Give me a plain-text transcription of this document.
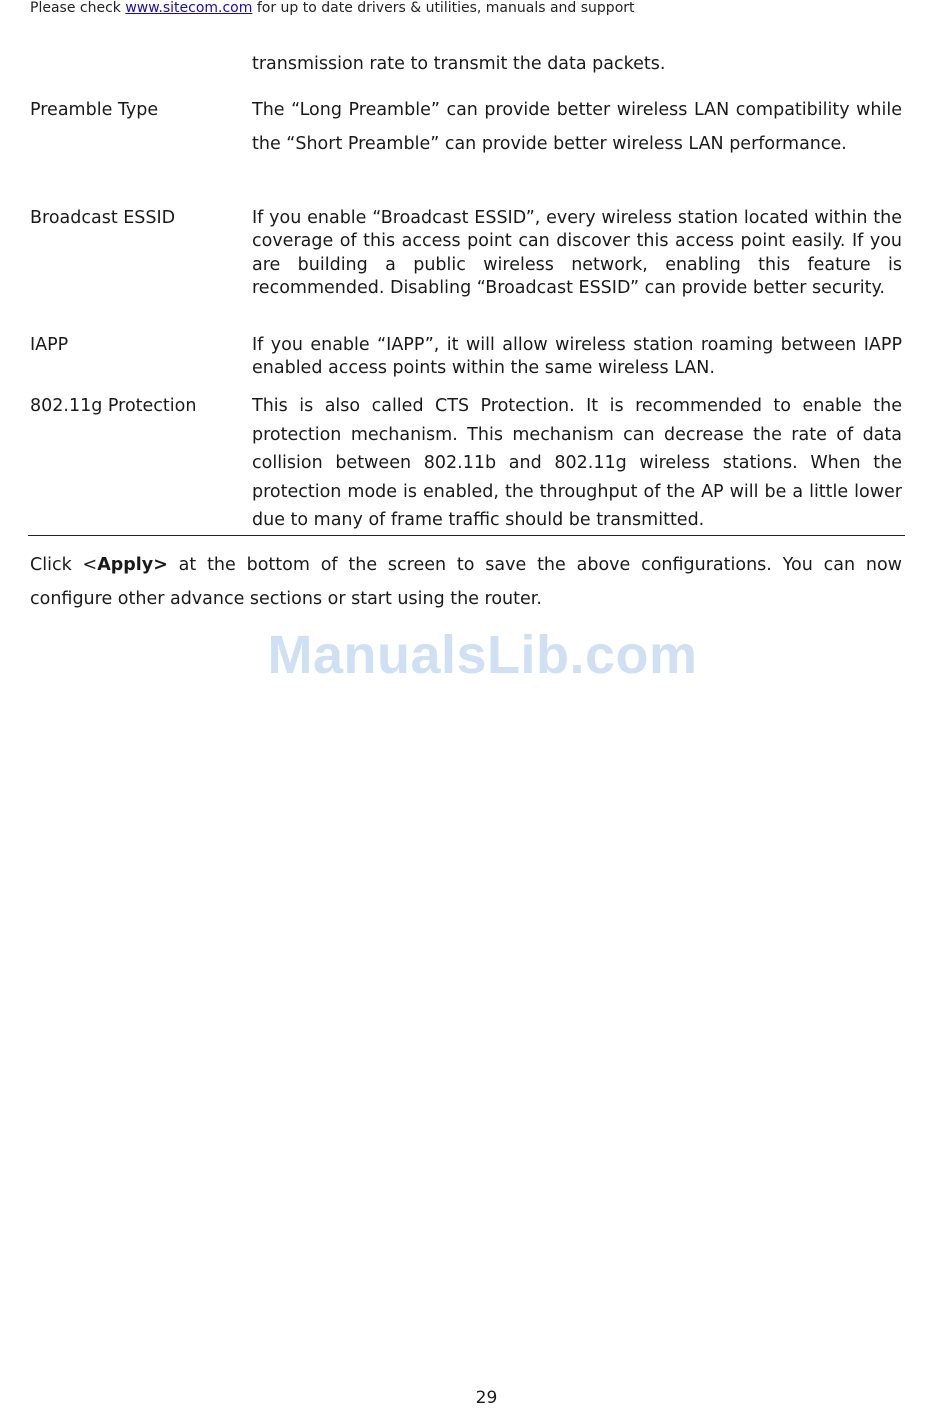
Please check www.sitecom.com for up to date drivers & utilities, manuals and support
transmission rate to transmit the data packets.
Preamble Type	The “Long Preamble” can provide better wireless LAN compatibility while the “Short Preamble” can provide better wireless LAN performance.
Broadcast ESSID	If you enable “Broadcast ESSID”, every wireless station located within the coverage of this access point can discover this access point easily. If you are building a public wireless network, enabling this feature is recommended. Disabling “Broadcast ESSID” can provide better security.
IAPP	If you enable “IAPP”, it will allow wireless station roaming between IAPP enabled access points within the same wireless LAN.
802.11g Protection	This is also called CTS Protection. It is recommended to enable the protection mechanism. This mechanism can decrease the rate of data collision between 802.11b and 802.11g wireless stations. When the protection mode is enabled, the throughput of the AP will be a little lower due to many of frame traffic should be transmitted.
Click <Apply> at the bottom of the screen to save the above configurations. You can now configure other advance sections or start using the router.
ManualsLib.com
29
